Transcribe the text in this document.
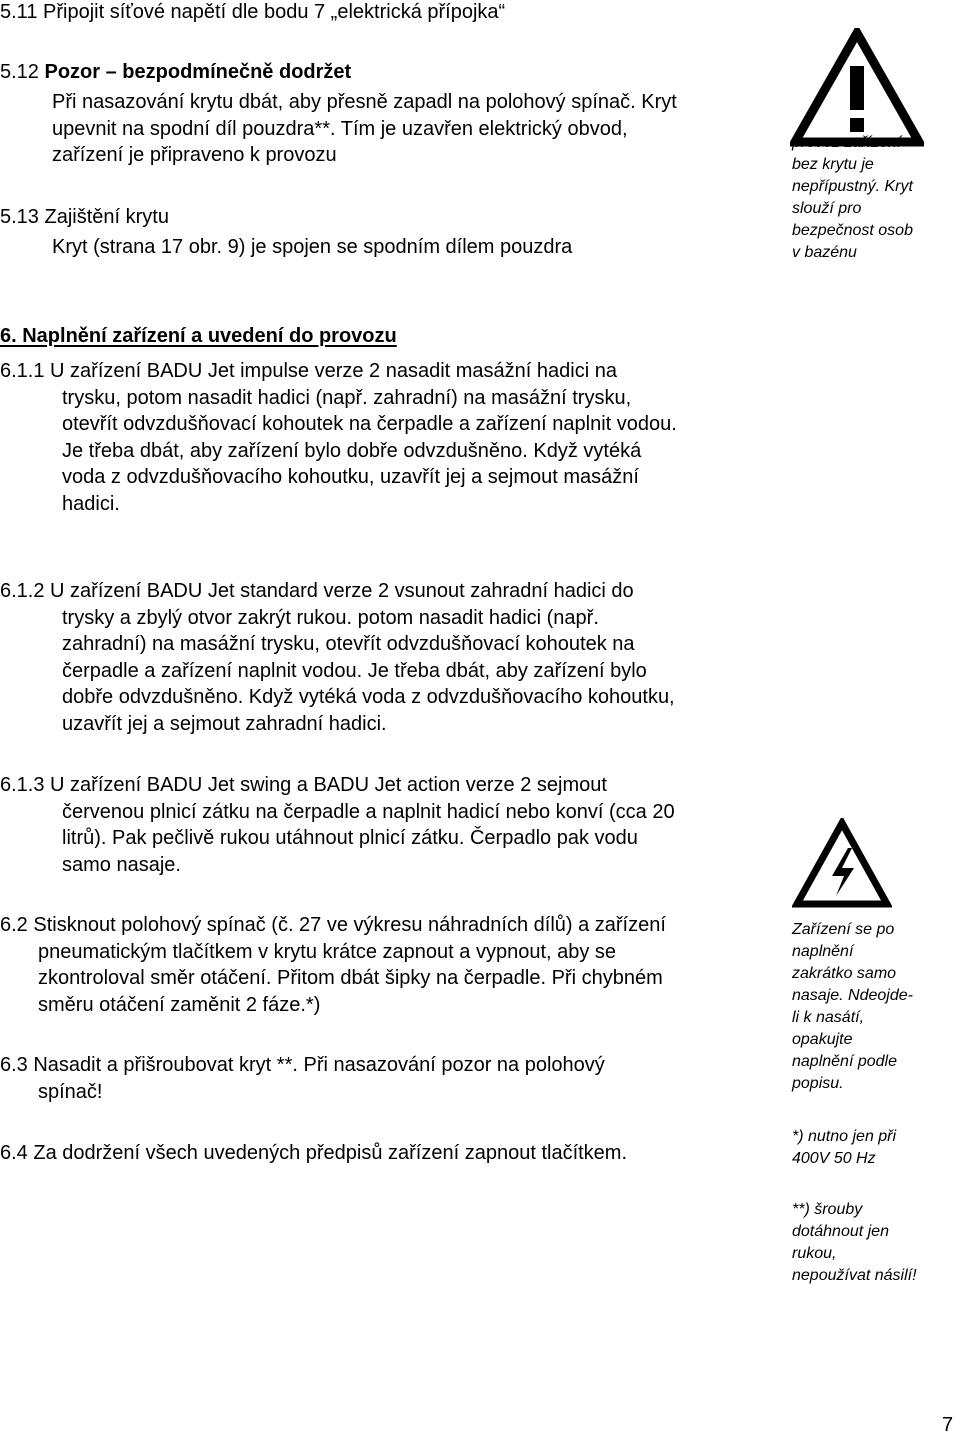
5.11 Připojit síťové napětí dle bodu 7 „elektrická přípojka“
5.12 Pozor – bezpodmínečně dodržet
Při nasazování krytu dbát, aby přesně zapadl na polohový spínač. Kryt
upevnit na spodní díl pouzdra**. Tím je uzavřen elektrický obvod,
zařízení je připraveno k provozu
5.13 Zajištění krytu
Kryt (strana 17 obr. 9) je spojen se spodním dílem pouzdra
provoz zařízení
bez krytu je
nepřípustný. Kryt
slouží pro
bezpečnost osob
v bazénu
6. Naplnění zařízení a uvedení do provozu
6.1.1 U zařízení BADU Jet impulse verze 2 nasadit masážní hadici na
trysku, potom nasadit hadici (např. zahradní) na masážní trysku,
otevřít odvzdušňovací kohoutek na čerpadle a zařízení naplnit vodou.
Je třeba dbát, aby zařízení bylo dobře odvzdušněno. Když vytéká
voda z odvzdušňovacího kohoutku, uzavřít jej a sejmout masážní
hadici.
6.1.2 U zařízení BADU Jet standard verze 2 vsunout zahradní hadici do
trysky a zbylý otvor zakrýt rukou. potom nasadit hadici (např.
zahradní) na masážní trysku, otevřít odvzdušňovací kohoutek na
čerpadle a zařízení naplnit vodou. Je třeba dbát, aby zařízení bylo
dobře odvzdušněno. Když vytéká voda z odvzdušňovacího kohoutku,
uzavřít jej a sejmout zahradní hadici.
6.1.3 U zařízení BADU Jet swing a BADU Jet action verze 2 sejmout
červenou plnicí zátku na čerpadle a naplnit hadicí nebo konví (cca 20
litrů). Pak pečlivě rukou utáhnout plnicí zátku. Čerpadlo pak vodu
samo nasaje.
6.2 Stisknout polohový spínač (č. 27 ve výkresu náhradních dílů) a zařízení
pneumatickým tlačítkem v krytu krátce zapnout a vypnout, aby se
zkontroloval směr otáčení. Přitom dbát šipky na čerpadle. Při chybném
směru otáčení zaměnit 2 fáze.*)
6.3 Nasadit a přišroubovat kryt **. Při nasazování pozor na polohový
spínač!
6.4 Za dodržení všech uvedených předpisů zařízení zapnout tlačítkem.
Zařízení se po
naplnění
zakrátko samo
nasaje. Ndeojde-
li k nasátí,
opakujte
naplnění podle
popisu.
*) nutno jen při
400V 50 Hz
**) šrouby
dotáhnout jen
rukou,
nepoužívat násilí!
7
